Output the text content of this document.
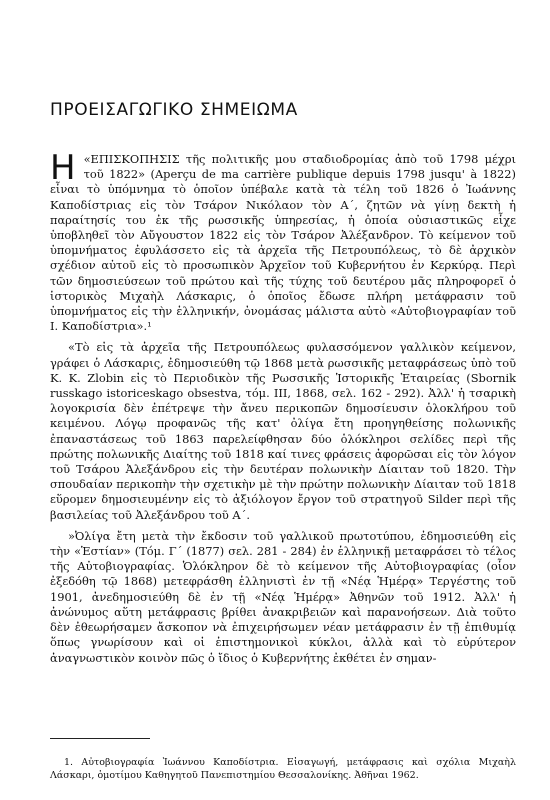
ΠΡΟΕΙΣΑΓΩΓΙΚΟ ΣΗΜΕΙΩΜΑ

Η «ΕΠΙΣΚΟΠΗΣΙΣ τῆς πολιτικῆς μου σταδιοδρομίας ἀπὸ τοῦ 1798 μέχρι τοῦ 1822» (Aperçu de ma carrière publique depuis 1798 jusqu' à 1822) εἶναι τὸ ὑπόμνημα τὸ ὁποῖον ὑπέβαλε κατὰ τὰ τέλη τοῦ 1826 ὁ Ἰωάννης Καποδίστριας εἰς τὸν Τσάρον Νικόλαον τὸν Α΄, ζητῶν νὰ γίνῃ δεκτὴ ἡ παραίτησίς του ἐκ τῆς ρωσσικῆς ὑπηρεσίας, ἡ ὁποία οὐσιαστικῶς εἶχε ὑποβληθεῖ τὸν Αὔγουστον 1822 εἰς τὸν Τσάρον Ἀλέξανδρον. Τὸ κείμενον τοῦ ὑπομνήματος ἐφυλάσσετο εἰς τὰ ἀρχεῖα τῆς Πετρουπόλεως, τὸ δὲ ἀρχικὸν σχέδιον αὐτοῦ εἰς τὸ προσωπικὸν Ἀρχεῖον τοῦ Κυβερνήτου ἐν Κερκύρᾳ. Περὶ τῶν δημοσιεύσεων τοῦ πρώτου καὶ τῆς τύχης τοῦ δευτέρου μᾶς πληροφορεῖ ὁ ἱστορικὸς Μιχαὴλ Λάσκαρις, ὁ ὁποῖος ἔδωσε πλήρη μετάφρασιν τοῦ ὑπομνήματος εἰς τὴν ἑλληνικήν, ὀνομάσας μάλιστα αὐτὸ «Αὐτοβιογραφίαν τοῦ Ι. Καποδίστρια».¹

«Τὸ εἰς τὰ ἀρχεῖα τῆς Πετρουπόλεως φυλασσόμενον γαλλικὸν κείμενον, γράφει ὁ Λάσκαρις, ἐδημοσιεύθη τῷ 1868 μετὰ ρωσσικῆς μεταφράσεως ὑπὸ τοῦ Κ. Κ. Zlobin εἰς τὸ Περιοδικὸν τῆς Ρωσσικῆς Ἱστορικῆς Ἑταιρείας (Sbornik russkago istoriceskago obsestva, τόμ. ΙΙΙ, 1868, σελ. 162 - 292). Ἀλλ' ἡ τσαρικὴ λογοκρισία δὲν ἐπέτρεψε τὴν ἄνευ περικοπῶν δημοσίευσιν ὁλοκλήρου τοῦ κειμένου. Λόγῳ προφανῶς τῆς κατ' ὀλίγα ἔτη προηγηθείσης πολωνικῆς ἐπαναστάσεως τοῦ 1863 παρελείφθησαν δύο ὁλόκληροι σελίδες περὶ τῆς πρώτης πολωνικῆς Διαίτης τοῦ 1818 καί τινες φράσεις ἀφορῶσαι εἰς τὸν λόγον τοῦ Τσάρου Ἀλεξάνδρου εἰς τὴν δευτέραν πολωνικὴν Δίαιταν τοῦ 1820. Τὴν σπουδαίαν περικοπὴν τὴν σχετικὴν μὲ τὴν πρώτην πολωνικὴν Δίαιταν τοῦ 1818 εὕρομεν δημοσιευμένην εἰς τὸ ἀξιόλογον ἔργον τοῦ στρατηγοῦ Silder περὶ τῆς βασιλείας τοῦ Ἀλεξάνδρου τοῦ Α΄.

»Ὀλίγα ἔτη μετὰ τὴν ἔκδοσιν τοῦ γαλλικοῦ πρωτοτύπου, ἐδημοσιεύθη εἰς τὴν «Ἑστίαν» (Τόμ. Γ΄ (1877) σελ. 281 - 284) ἐν ἑλληνικῇ μεταφράσει τὸ τέλος τῆς Αὐτοβιογραφίας. Ὁλόκληρον δὲ τὸ κείμενον τῆς Αὐτοβιογραφίας (οἷον ἐξεδόθη τῷ 1868) μετεφράσθη ἑλληνιστὶ ἐν τῇ «Νέᾳ Ἡμέρᾳ» Τεργέστης τοῦ 1901, ἀνεδημοσιεύθη δὲ ἐν τῇ «Νέᾳ Ἡμέρᾳ» Ἀθηνῶν τοῦ 1912. Ἀλλ' ἡ ἀνώνυμος αὕτη μετάφρασις βρίθει ἀνακριβειῶν καὶ παρανοήσεων. Διὰ τοῦτο δὲν ἐθεωρήσαμεν ἄσκοπον νὰ ἐπιχειρήσωμεν νέαν μετάφρασιν ἐν τῇ ἐπιθυμίᾳ ὅπως γνωρίσουν καὶ οἱ ἐπιστημονικοὶ κύκλοι, ἀλλὰ καὶ τὸ εὐρύτερον ἀναγνωστικὸν κοινὸν πῶς ὁ ἴδιος ὁ Κυβερνήτης ἐκθέτει ἐν σημαν-

1. Αὐτοβιογραφία Ἰωάννου Καποδίστρια. Εἰσαγωγή, μετάφρασις καὶ σχόλια Μιχαὴλ Λάσκαρι, ὁμοτίμου Καθηγητοῦ Πανεπιστημίου Θεσσαλονίκης. Ἀθῆναι 1962.
